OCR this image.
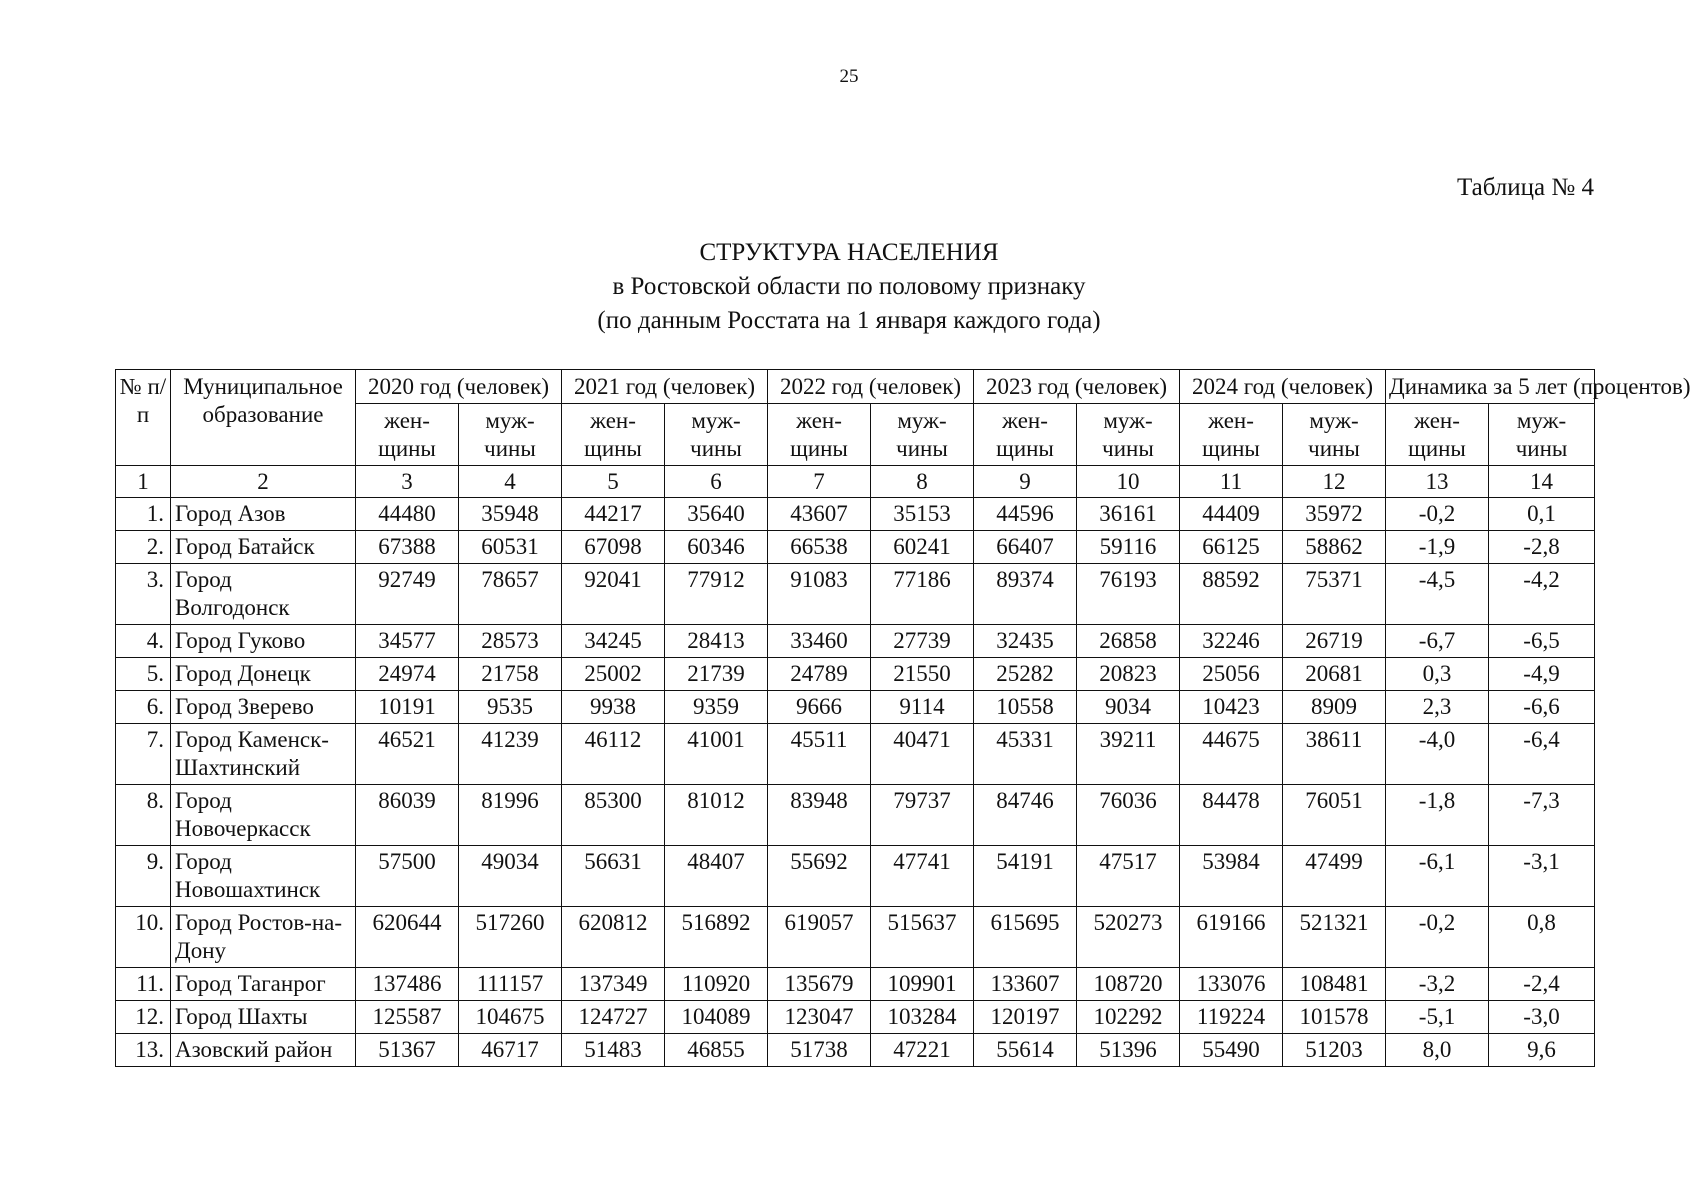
25
Таблица № 4
СТРУКТУРА НАСЕЛЕНИЯ
в Ростовской области по половому признаку
(по данным Росстата на 1 января каждого года)
№ п/п	Муниципальное образование	2020 год (человек)		2021 год (человек)		2022 год (человек)		2023 год (человек)		2024 год (человек)		Динамика за 5 лет (процентов)	
		жен-щины	муж-чины	жен-щины	муж-чины	жен-щины	муж-чины	жен-щины	муж-чины	жен-щины	муж-чины	жен-щины	муж-чины
1	2	3	4	5	6	7	8	9	10	11	12	13	14
1.	Город Азов	44480	35948	44217	35640	43607	35153	44596	36161	44409	35972	-0,2	0,1
2.	Город Батайск	67388	60531	67098	60346	66538	60241	66407	59116	66125	58862	-1,9	-2,8
3.	Город Волгодонск	92749	78657	92041	77912	91083	77186	89374	76193	88592	75371	-4,5	-4,2
4.	Город Гуково	34577	28573	34245	28413	33460	27739	32435	26858	32246	26719	-6,7	-6,5
5.	Город Донецк	24974	21758	25002	21739	24789	21550	25282	20823	25056	20681	0,3	-4,9
6.	Город Зверево	10191	9535	9938	9359	9666	9114	10558	9034	10423	8909	2,3	-6,6
7.	Город Каменск-Шахтинский	46521	41239	46112	41001	45511	40471	45331	39211	44675	38611	-4,0	-6,4
8.	Город Новочеркасск	86039	81996	85300	81012	83948	79737	84746	76036	84478	76051	-1,8	-7,3
9.	Город Новошахтинск	57500	49034	56631	48407	55692	47741	54191	47517	53984	47499	-6,1	-3,1
10.	Город Ростов-на-Дону	620644	517260	620812	516892	619057	515637	615695	520273	619166	521321	-0,2	0,8
11.	Город Таганрог	137486	111157	137349	110920	135679	109901	133607	108720	133076	108481	-3,2	-2,4
12.	Город Шахты	125587	104675	124727	104089	123047	103284	120197	102292	119224	101578	-5,1	-3,0
13.	Азовский район	51367	46717	51483	46855	51738	47221	55614	51396	55490	51203	8,0	9,6
